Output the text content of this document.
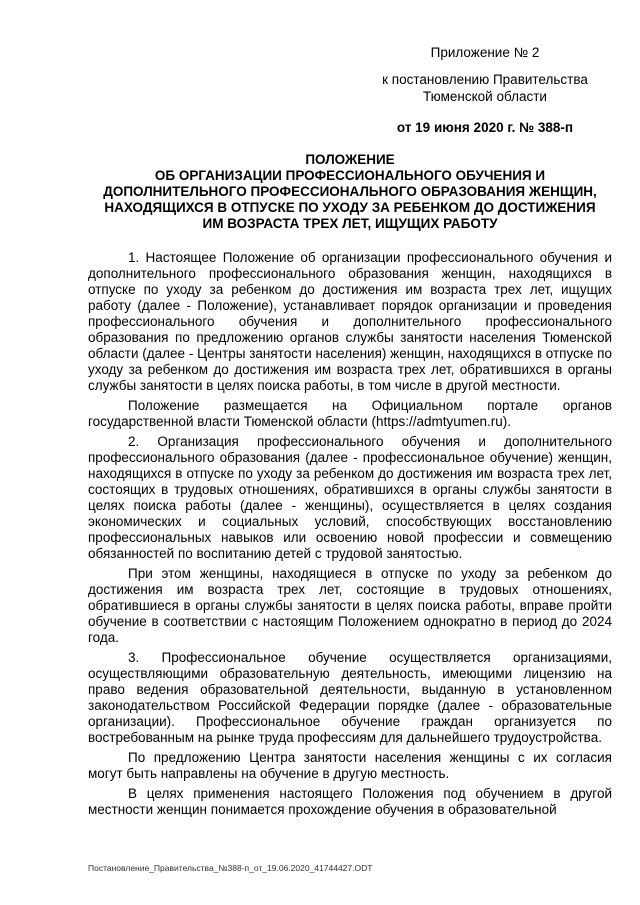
Приложение № 2
к постановлению Правительства
Тюменской области
от 19 июня 2020 г. № 388-п
ПОЛОЖЕНИЕ
ОБ ОРГАНИЗАЦИИ ПРОФЕССИОНАЛЬНОГО ОБУЧЕНИЯ И
ДОПОЛНИТЕЛЬНОГО ПРОФЕССИОНАЛЬНОГО ОБРАЗОВАНИЯ ЖЕНЩИН,
НАХОДЯЩИХСЯ В ОТПУСКЕ ПО УХОДУ ЗА РЕБЕНКОМ ДО ДОСТИЖЕНИЯ
ИМ ВОЗРАСТА ТРЕХ ЛЕТ, ИЩУЩИХ РАБОТУ

1. Настоящее Положение об организации профессионального обучения и дополнительного профессионального образования женщин, находящихся в отпуске по уходу за ребенком до достижения им возраста трех лет, ищущих работу (далее - Положение), устанавливает порядок организации и проведения профессионального обучения и дополнительного профессионального образования по предложению органов службы занятости населения Тюменской области (далее - Центры занятости населения) женщин, находящихся в отпуске по уходу за ребенком до достижения им возраста трех лет, обратившихся в органы службы занятости в целях поиска работы, в том числе в другой местности.

Положение размещается на Официальном портале органов государственной власти Тюменской области (https://admtyumen.ru).

2. Организация профессионального обучения и дополнительного профессионального образования (далее - профессиональное обучение) женщин, находящихся в отпуске по уходу за ребенком до достижения им возраста трех лет, состоящих в трудовых отношениях, обратившихся в органы службы занятости в целях поиска работы (далее - женщины), осуществляется в целях создания экономических и социальных условий, способствующих восстановлению профессиональных навыков или освоению новой профессии и совмещению обязанностей по воспитанию детей с трудовой занятостью.

При этом женщины, находящиеся в отпуске по уходу за ребенком до достижения им возраста трех лет, состоящие в трудовых отношениях, обратившиеся в органы службы занятости в целях поиска работы, вправе пройти обучение в соответствии с настоящим Положением однократно в период до 2024 года.

3. Профессиональное обучение осуществляется организациями, осуществляющими образовательную деятельность, имеющими лицензию на право ведения образовательной деятельности, выданную в установленном законодательством Российской Федерации порядке (далее - образовательные организации). Профессиональное обучение граждан организуется по востребованным на рынке труда профессиям для дальнейшего трудоустройства.

По предложению Центра занятости населения женщины с их согласия могут быть направлены на обучение в другую местность.

В целях применения настоящего Положения под обучением в другой местности женщин понимается прохождение обучения в образовательной

Постановление_Правительства_№388-п_от_19.06.2020_41744427.ODT
